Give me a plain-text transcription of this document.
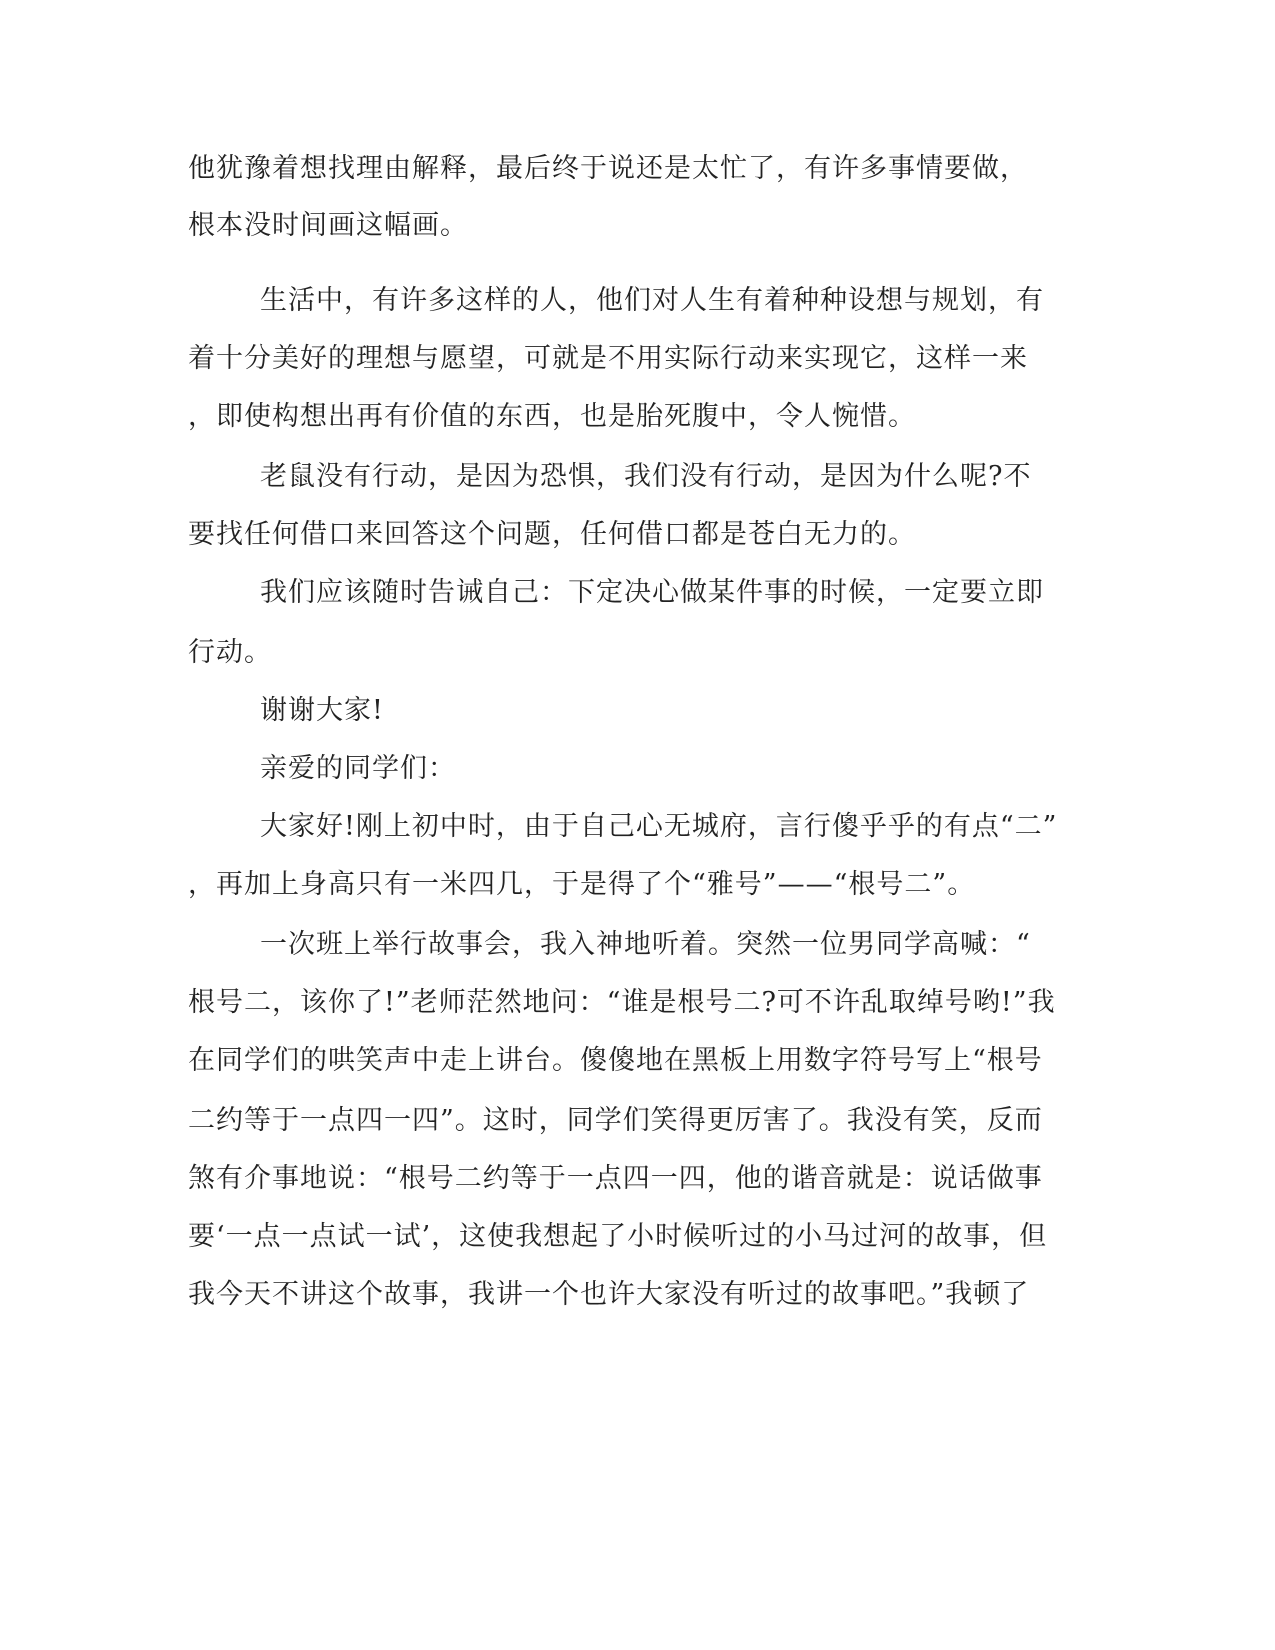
他犹豫着想找理由解释，最后终于说还是太忙了，有许多事情要做，
根本没时间画这幅画。
生活中，有许多这样的人，他们对人生有着种种设想与规划，有
着十分美好的理想与愿望，可就是不用实际行动来实现它，这样一来
，即使构想出再有价值的东西，也是胎死腹中，令人惋惜。
老鼠没有行动，是因为恐惧，我们没有行动，是因为什么呢?不
要找任何借口来回答这个问题，任何借口都是苍白无力的。
我们应该随时告诫自己：下定决心做某件事的时候，一定要立即
行动。
谢谢大家!
亲爱的同学们：
大家好!刚上初中时，由于自己心无城府，言行傻乎乎的有点“二”
，再加上身高只有一米四几，于是得了个“雅号”——“根号二”。
一次班上举行故事会，我入神地听着。突然一位男同学高喊：“
根号二，该你了!”老师茫然地问：“谁是根号二?可不许乱取绰号哟!”我
在同学们的哄笑声中走上讲台。傻傻地在黑板上用数字符号写上“根号
二约等于一点四一四”。这时，同学们笑得更厉害了。我没有笑，反而
煞有介事地说：“根号二约等于一点四一四，他的谐音就是：说话做事
要‘一点一点试一试’，这使我想起了小时候听过的小马过河的故事，但
我今天不讲这个故事，我讲一个也许大家没有听过的故事吧。”我顿了
